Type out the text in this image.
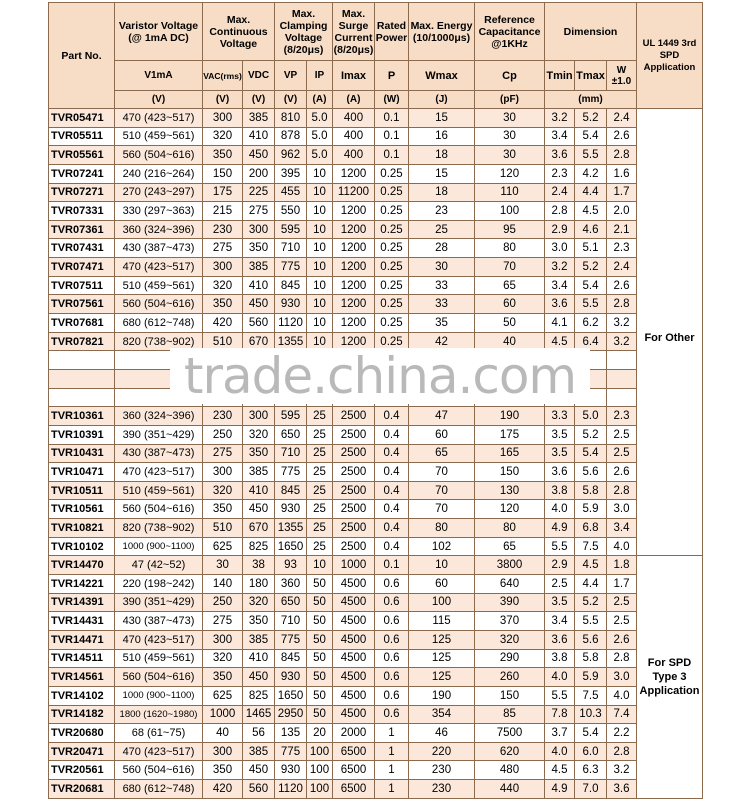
Part No.	Varistor Voltage (@ 1mA DC)	Max. Continuous Voltage		Max. Clamping Voltage (8/20μs)		Max. Surge Current (8/20μs)	Rated Power	Max. Energy (10/1000μs)	Reference Capacitance @1KHz	Dimension			UL 1449 3rd SPD Application
	V1mA	VAC(rms)	VDC	VP	IP	Imax	P	Wmax	Cp	Tmin	Tmax	W ±1.0	
	(V)	(V)	(V)	(V)	(A)	(A)	(W)	(J)	(pF)	(mm)			
TVR05471	470 (423~517)	300	385	810	5.0	400	0.1	15	30	3.2	5.2	2.4	For Other
TVR05511	510 (459~561)	320	410	878	5.0	400	0.1	16	30	3.4	5.4	2.6	
TVR05561	560 (504~616)	350	450	962	5.0	400	0.1	18	30	3.6	5.5	2.8	
TVR07241	240 (216~264)	150	200	395	10	1200	0.25	15	120	2.3	4.2	1.6	
TVR07271	270 (243~297)	175	225	455	10	11200	0.25	18	110	2.4	4.4	1.7	
TVR07331	330 (297~363)	215	275	550	10	1200	0.25	23	100	2.8	4.5	2.0	
TVR07361	360 (324~396)	230	300	595	10	1200	0.25	25	95	2.9	4.6	2.1	
TVR07431	430 (387~473)	275	350	710	10	1200	0.25	28	80	3.0	5.1	2.3	
TVR07471	470 (423~517)	300	385	775	10	1200	0.25	30	70	3.2	5.2	2.4	
TVR07511	510 (459~561)	320	410	845	10	1200	0.25	33	65	3.4	5.4	2.6	
TVR07561	560 (504~616)	350	450	930	10	1200	0.25	33	60	3.6	5.5	2.8	
TVR07681	680 (612~748)	420	560	1120	10	1200	0.25	35	50	4.1	6.2	3.2	
TVR07821	820 (738~902)	510	670	1355	10	1200	0.25	42	40	4.5	6.4	3.2	

TVR10361	360 (324~396)	230	300	595	25	2500	0.4	47	190	3.3	5.0	2.3	
TVR10391	390 (351~429)	250	320	650	25	2500	0.4	60	175	3.5	5.2	2.5	
TVR10431	430 (387~473)	275	350	710	25	2500	0.4	65	165	3.5	5.4	2.5	
TVR10471	470 (423~517)	300	385	775	25	2500	0.4	70	150	3.6	5.6	2.6	
TVR10511	510 (459~561)	320	410	845	25	2500	0.4	70	130	3.8	5.8	2.8	
TVR10561	560 (504~616)	350	450	930	25	2500	0.4	70	120	4.0	5.9	3.0	
TVR10821	820 (738~902)	510	670	1355	25	2500	0.4	80	80	4.9	6.8	3.4	
TVR10102	1000 (900~1100)	625	825	1650	25	2500	0.4	102	65	5.5	7.5	4.0	
TVR14470	47 (42~52)	30	38	93	10	1000	0.1	10	3800	2.9	4.5	1.8	For SPD Type 3 Application
TVR14221	220 (198~242)	140	180	360	50	4500	0.6	60	640	2.5	4.4	1.7	
TVR14391	390 (351~429)	250	320	650	50	4500	0.6	100	390	3.5	5.2	2.5	
TVR14431	430 (387~473)	275	350	710	50	4500	0.6	115	370	3.4	5.5	2.5	
TVR14471	470 (423~517)	300	385	775	50	4500	0.6	125	320	3.6	5.6	2.6	
TVR14511	510 (459~561)	320	410	845	50	4500	0.6	125	290	3.8	5.8	2.8	
TVR14561	560 (504~616)	350	450	930	50	4500	0.6	125	260	4.0	5.9	3.0	
TVR14102	1000 (900~1100)	625	825	1650	50	4500	0.6	190	150	5.5	7.5	4.0	
TVR14182	1800 (1620~1980)	1000	1465	2950	50	4500	0.6	354	85	7.8	10.3	7.4	
TVR20680	68 (61~75)	40	56	135	20	2000	1	46	7500	3.7	5.4	2.2	
TVR20471	470 (423~517)	300	385	775	100	6500	1	220	620	4.0	6.0	2.8	
TVR20561	560 (504~616)	350	450	930	100	6500	1	230	480	4.5	6.3	3.2	
TVR20681	680 (612~748)	420	560	1120	100	6500	1	230	440	4.9	7.0	3.6	
trade.china.com
